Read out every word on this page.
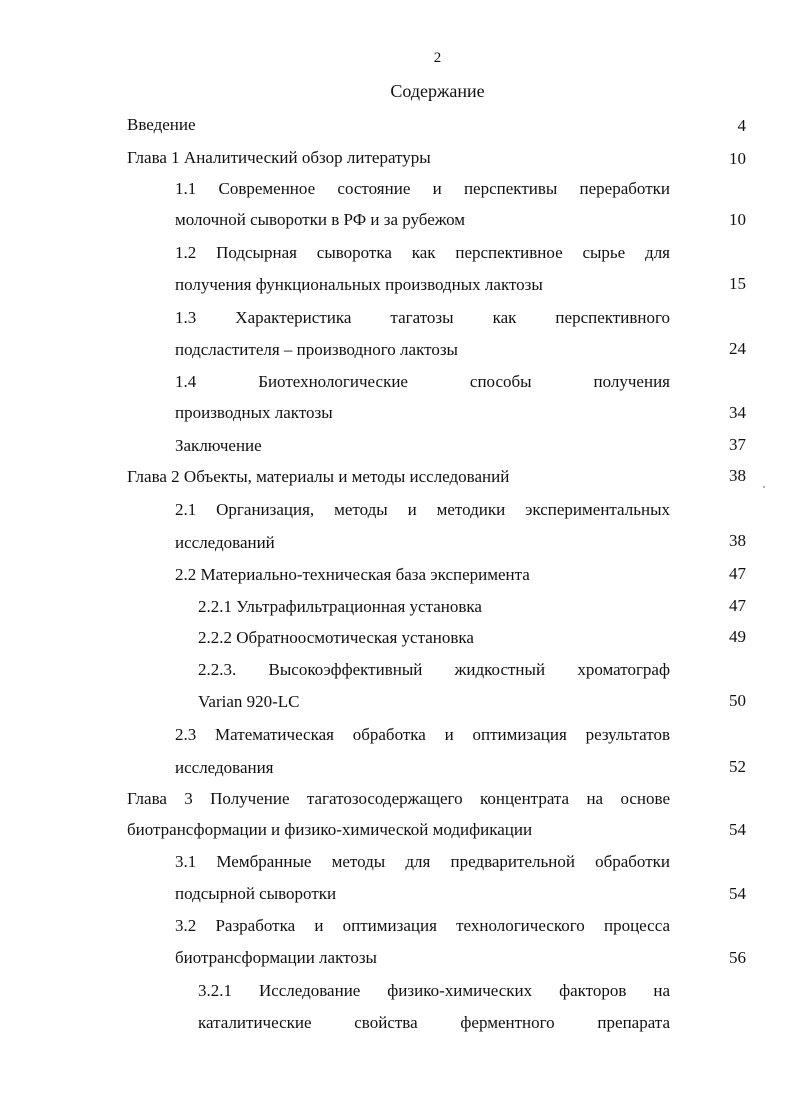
2
Содержание
Введение	4
Глава 1 Аналитический обзор литературы	10
1.1 Современное состояние и перспективы переработки
молочной сыворотки в РФ и за рубежом	10
1.2 Подсырная сыворотка как перспективное сырье для
получения функциональных производных лактозы	15
1.3 Характеристика тагатозы как перспективного
подсластителя – производного лактозы	24
1.4 Биотехнологические способы получения
производных лактозы	34
Заключение	37
Глава 2 Объекты, материалы и методы исследований	38
2.1 Организация, методы и методики экспериментальных
исследований	38
2.2 Материально-техническая база эксперимента	47
2.2.1 Ультрафильтрационная установка	47
2.2.2 Обратноосмотическая установка	49
2.2.3. Высокоэффективный жидкостный хроматограф
Varian 920-LC	50
2.3 Математическая обработка и оптимизация результатов
исследования	52
Глава 3 Получение тагатозосодержащего концентрата на основе
биотрансформации и физико-химической модификации	54
3.1 Мембранные методы для предварительной обработки
подсырной сыворотки	54
3.2 Разработка и оптимизация технологического процесса
биотрансформации лактозы	56
3.2.1 Исследование физико-химических факторов на
каталитические свойства ферментного препарата
